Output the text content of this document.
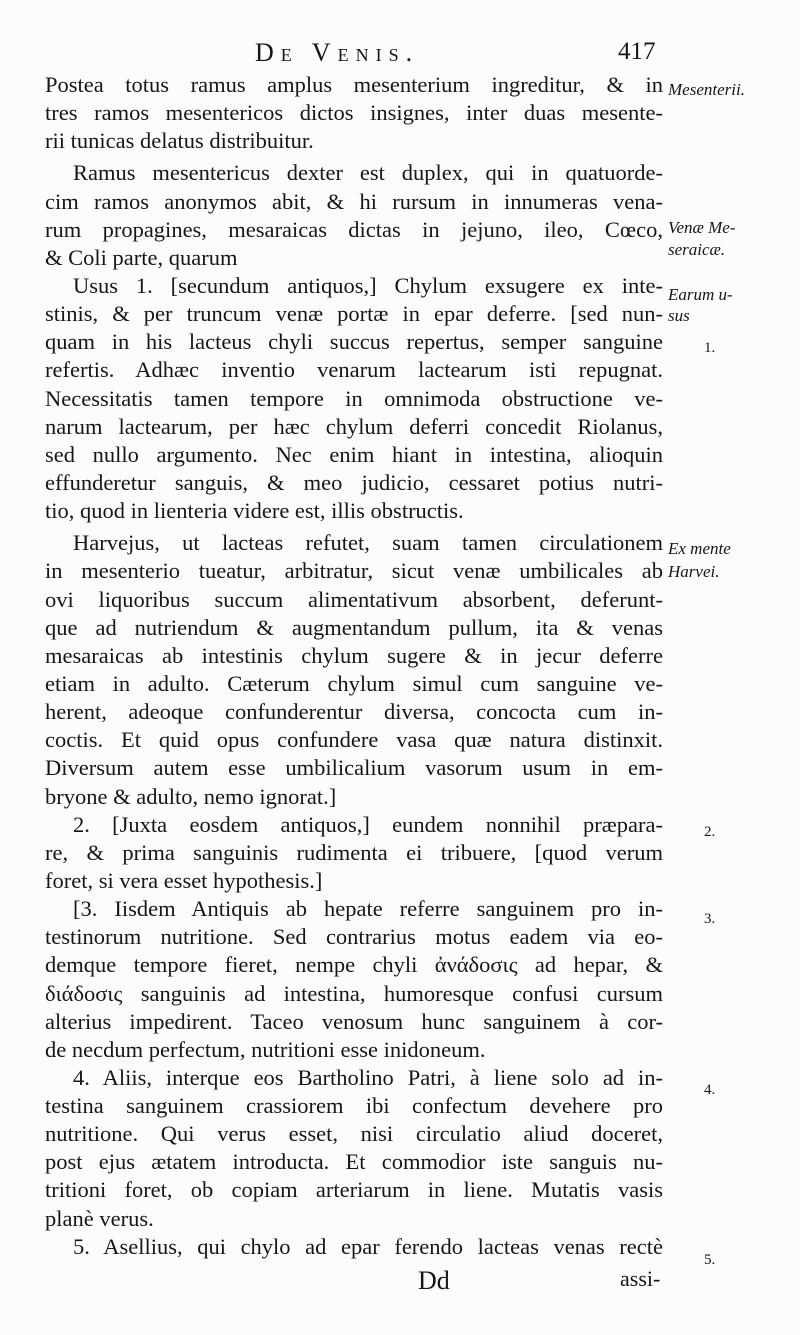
De Venis.	417
Postea totus ramus amplus mesenterium ingreditur, & in
tres ramos mesentericos dictos insignes, inter duas mesente-
rii tunicas delatus distribuitur.
Ramus mesentericus dexter est duplex, qui in quatuorde-
cim ramos anonymos abit, & hi rursum in innumeras vena-
rum propagines, mesaraicas dictas in jejuno, ileo, Cœco,
& Coli parte, quarum
Usus 1. [secundum antiquos,] Chylum exsugere ex inte-
stinis, & per truncum venæ portæ in epar deferre. [sed nun-
quam in his lacteus chyli succus repertus, semper sanguine
refertis. Adhæc inventio venarum lactearum isti repugnat.
Necessitatis tamen tempore in omnimoda obstructione ve-
narum lactearum, per hæc chylum deferri concedit Riolanus,
sed nullo argumento. Nec enim hiant in intestina, alioquin
effunderetur sanguis, & meo judicio, cessaret potius nutri-
tio, quod in lienteria videre est, illis obstructis.
Harvejus, ut lacteas refutet, suam tamen circulationem
in mesenterio tueatur, arbitratur, sicut venæ umbilicales ab
ovi liquoribus succum alimentativum absorbent, deferunt-
que ad nutriendum & augmentandum pullum, ita & venas
mesaraicas ab intestinis chylum sugere & in jecur deferre
etiam in adulto. Cæterum chylum simul cum sanguine ve-
herent, adeoque confunderentur diversa, concocta cum in-
coctis. Et quid opus confundere vasa quæ natura distinxit.
Diversum autem esse umbilicalium vasorum usum in em-
bryone & adulto, nemo ignorat.]
2. [Juxta eosdem antiquos,] eundem nonnihil præpara-
re, & prima sanguinis rudimenta ei tribuere, [quod verum
foret, si vera esset hypothesis.]
[3. Iisdem Antiquis ab hepate referre sanguinem pro in-
testinorum nutritione. Sed contrarius motus eadem via eo-
demque tempore fieret, nempe chyli ἀνάδοσις ad hepar, &
διάδοσις sanguinis ad intestina, humoresque confusi cursum
alterius impedirent. Taceo venosum hunc sanguinem à cor-
de necdum perfectum, nutritioni esse inidoneum.
4. Aliis, interque eos Bartholino Patri, à liene solo ad in-
testina sanguinem crassiorem ibi confectum devehere pro
nutritione. Qui verus esset, nisi circulatio aliud doceret,
post ejus ætatem introducta. Et commodior iste sanguis nu-
tritioni foret, ob copiam arteriarum in liene. Mutatis vasis
planè verus.
5. Asellius, qui chylo ad epar ferendo lacteas venas rectè
Mesenterii.
Venæ Me-
seraicæ.
Earum u-
sus
1.
Ex mente
Harvei.
2.
3.
4.
5.
Dd	assi-
